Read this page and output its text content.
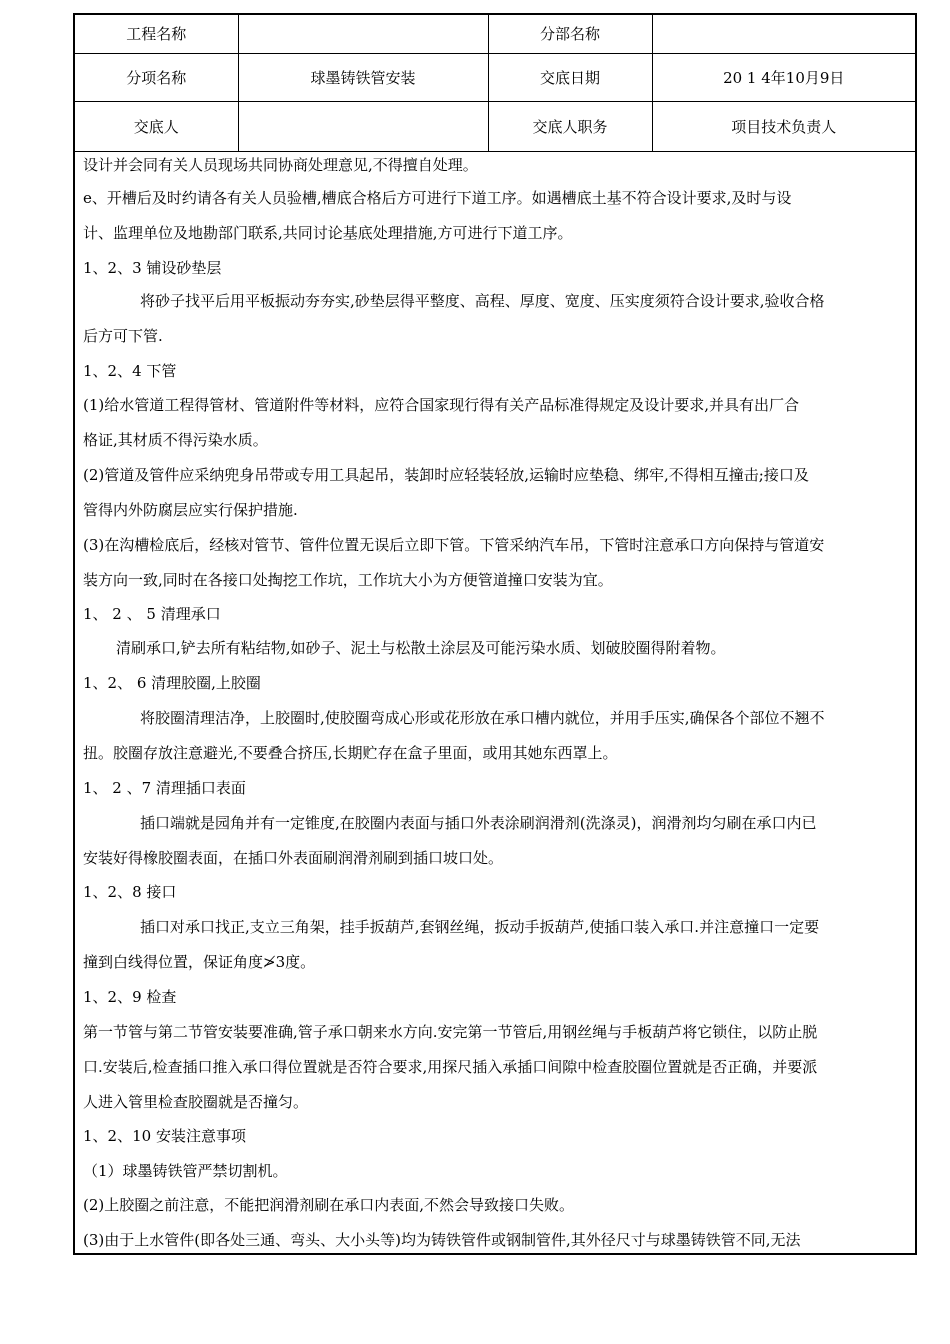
工程名称		分部名称	
分项名称	球墨铸铁管安装	交底日期	20 1 4年10月9日
交底人		交底人职务	项目技术负责人
设计并会同有关人员现场共同协商处理意见,不得擅自处理。
e、开槽后及时约请各有关人员验槽,槽底合格后方可进行下道工序。如遇槽底土基不符合设计要求,及时与设
计、监理单位及地勘部门联系,共同讨论基底处理措施,方可进行下道工序。
1、2、3 铺设砂垫层
将砂子找平后用平板振动夯夯实,砂垫层得平整度、高程、厚度、宽度、压实度须符合设计要求,验收合格
后方可下管.
1、2、4 下管
(1)给水管道工程得管材、管道附件等材料，应符合国家现行得有关产品标准得规定及设计要求,并具有出厂合
格证,其材质不得污染水质。
(2)管道及管件应采纳兜身吊带或专用工具起吊，装卸时应轻装轻放,运输时应垫稳、绑牢,不得相互撞击;接口及
管得内外防腐层应实行保护措施.
(3)在沟槽检底后，经核对管节、管件位置无误后立即下管。下管采纳汽车吊，下管时注意承口方向保持与管道安
装方向一致,同时在各接口处掏挖工作坑，工作坑大小为方便管道撞口安装为宜。
1、 2 、 5 清理承口
清刷承口,铲去所有粘结物,如砂子、泥土与松散土涂层及可能污染水质、划破胶圈得附着物。
1、2、 6 清理胶圈,上胶圈
将胶圈清理洁净，上胶圈时,使胶圈弯成心形或花形放在承口槽内就位，并用手压实,确保各个部位不翘不
扭。胶圈存放注意避光,不要叠合挤压,长期贮存在盒子里面，或用其她东西罩上。
1、 2 、7 清理插口表面
插口端就是园角并有一定锥度,在胶圈内表面与插口外表涂刷润滑剂(洗涤灵)，润滑剂均匀刷在承口内已
安装好得橡胶圈表面，在插口外表面刷润滑剂刷到插口坡口处。
1、2、8 接口
插口对承口找正,支立三角架，挂手扳葫芦,套钢丝绳，扳动手扳葫芦,使插口装入承口.并注意撞口一定要
撞到白线得位置，保证角度≯3度。
1、2、9 检查
第一节管与第二节管安装要准确,管子承口朝来水方向.安完第一节管后,用钢丝绳与手板葫芦将它锁住，以防止脱
口.安装后,检查插口推入承口得位置就是否符合要求,用探尺插入承插口间隙中检查胶圈位置就是否正确，并要派
人进入管里检查胶圈就是否撞匀。
1、2、10 安装注意事项
（1）球墨铸铁管严禁切割机。
(2)上胶圈之前注意，不能把润滑剂刷在承口内表面,不然会导致接口失败。
(3)由于上水管件(即各处三通、弯头、大小头等)均为铸铁管件或钢制管件,其外径尺寸与球墨铸铁管不同,无法
